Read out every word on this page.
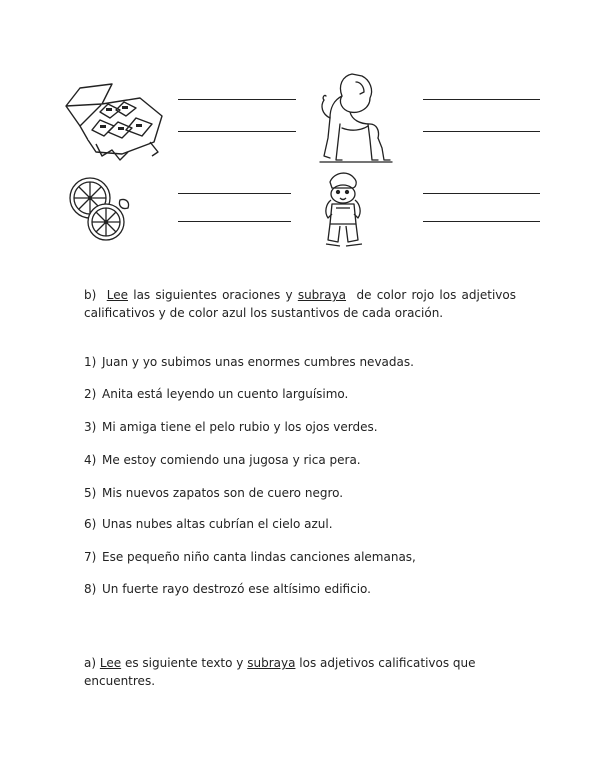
b)  Lee las siguientes oraciones y subraya de color rojo los adjetivos
calificativos y de color azul los sustantivos de cada oración.
1) Juan y yo subimos unas enormes cumbres nevadas.
2) Anita está leyendo un cuento larguísimo.
3) Mi amiga tiene el pelo rubio y los ojos verdes.
4) Me estoy comiendo una jugosa y rica pera.
5) Mis nuevos zapatos son de cuero negro.
6) Unas nubes altas cubrían el cielo azul.
7) Ese pequeño niño canta lindas canciones alemanas,
8) Un fuerte rayo destrozó ese altísimo edificio.
a) Lee es siguiente texto y subraya los adjetivos calificativos que
encuentres.
